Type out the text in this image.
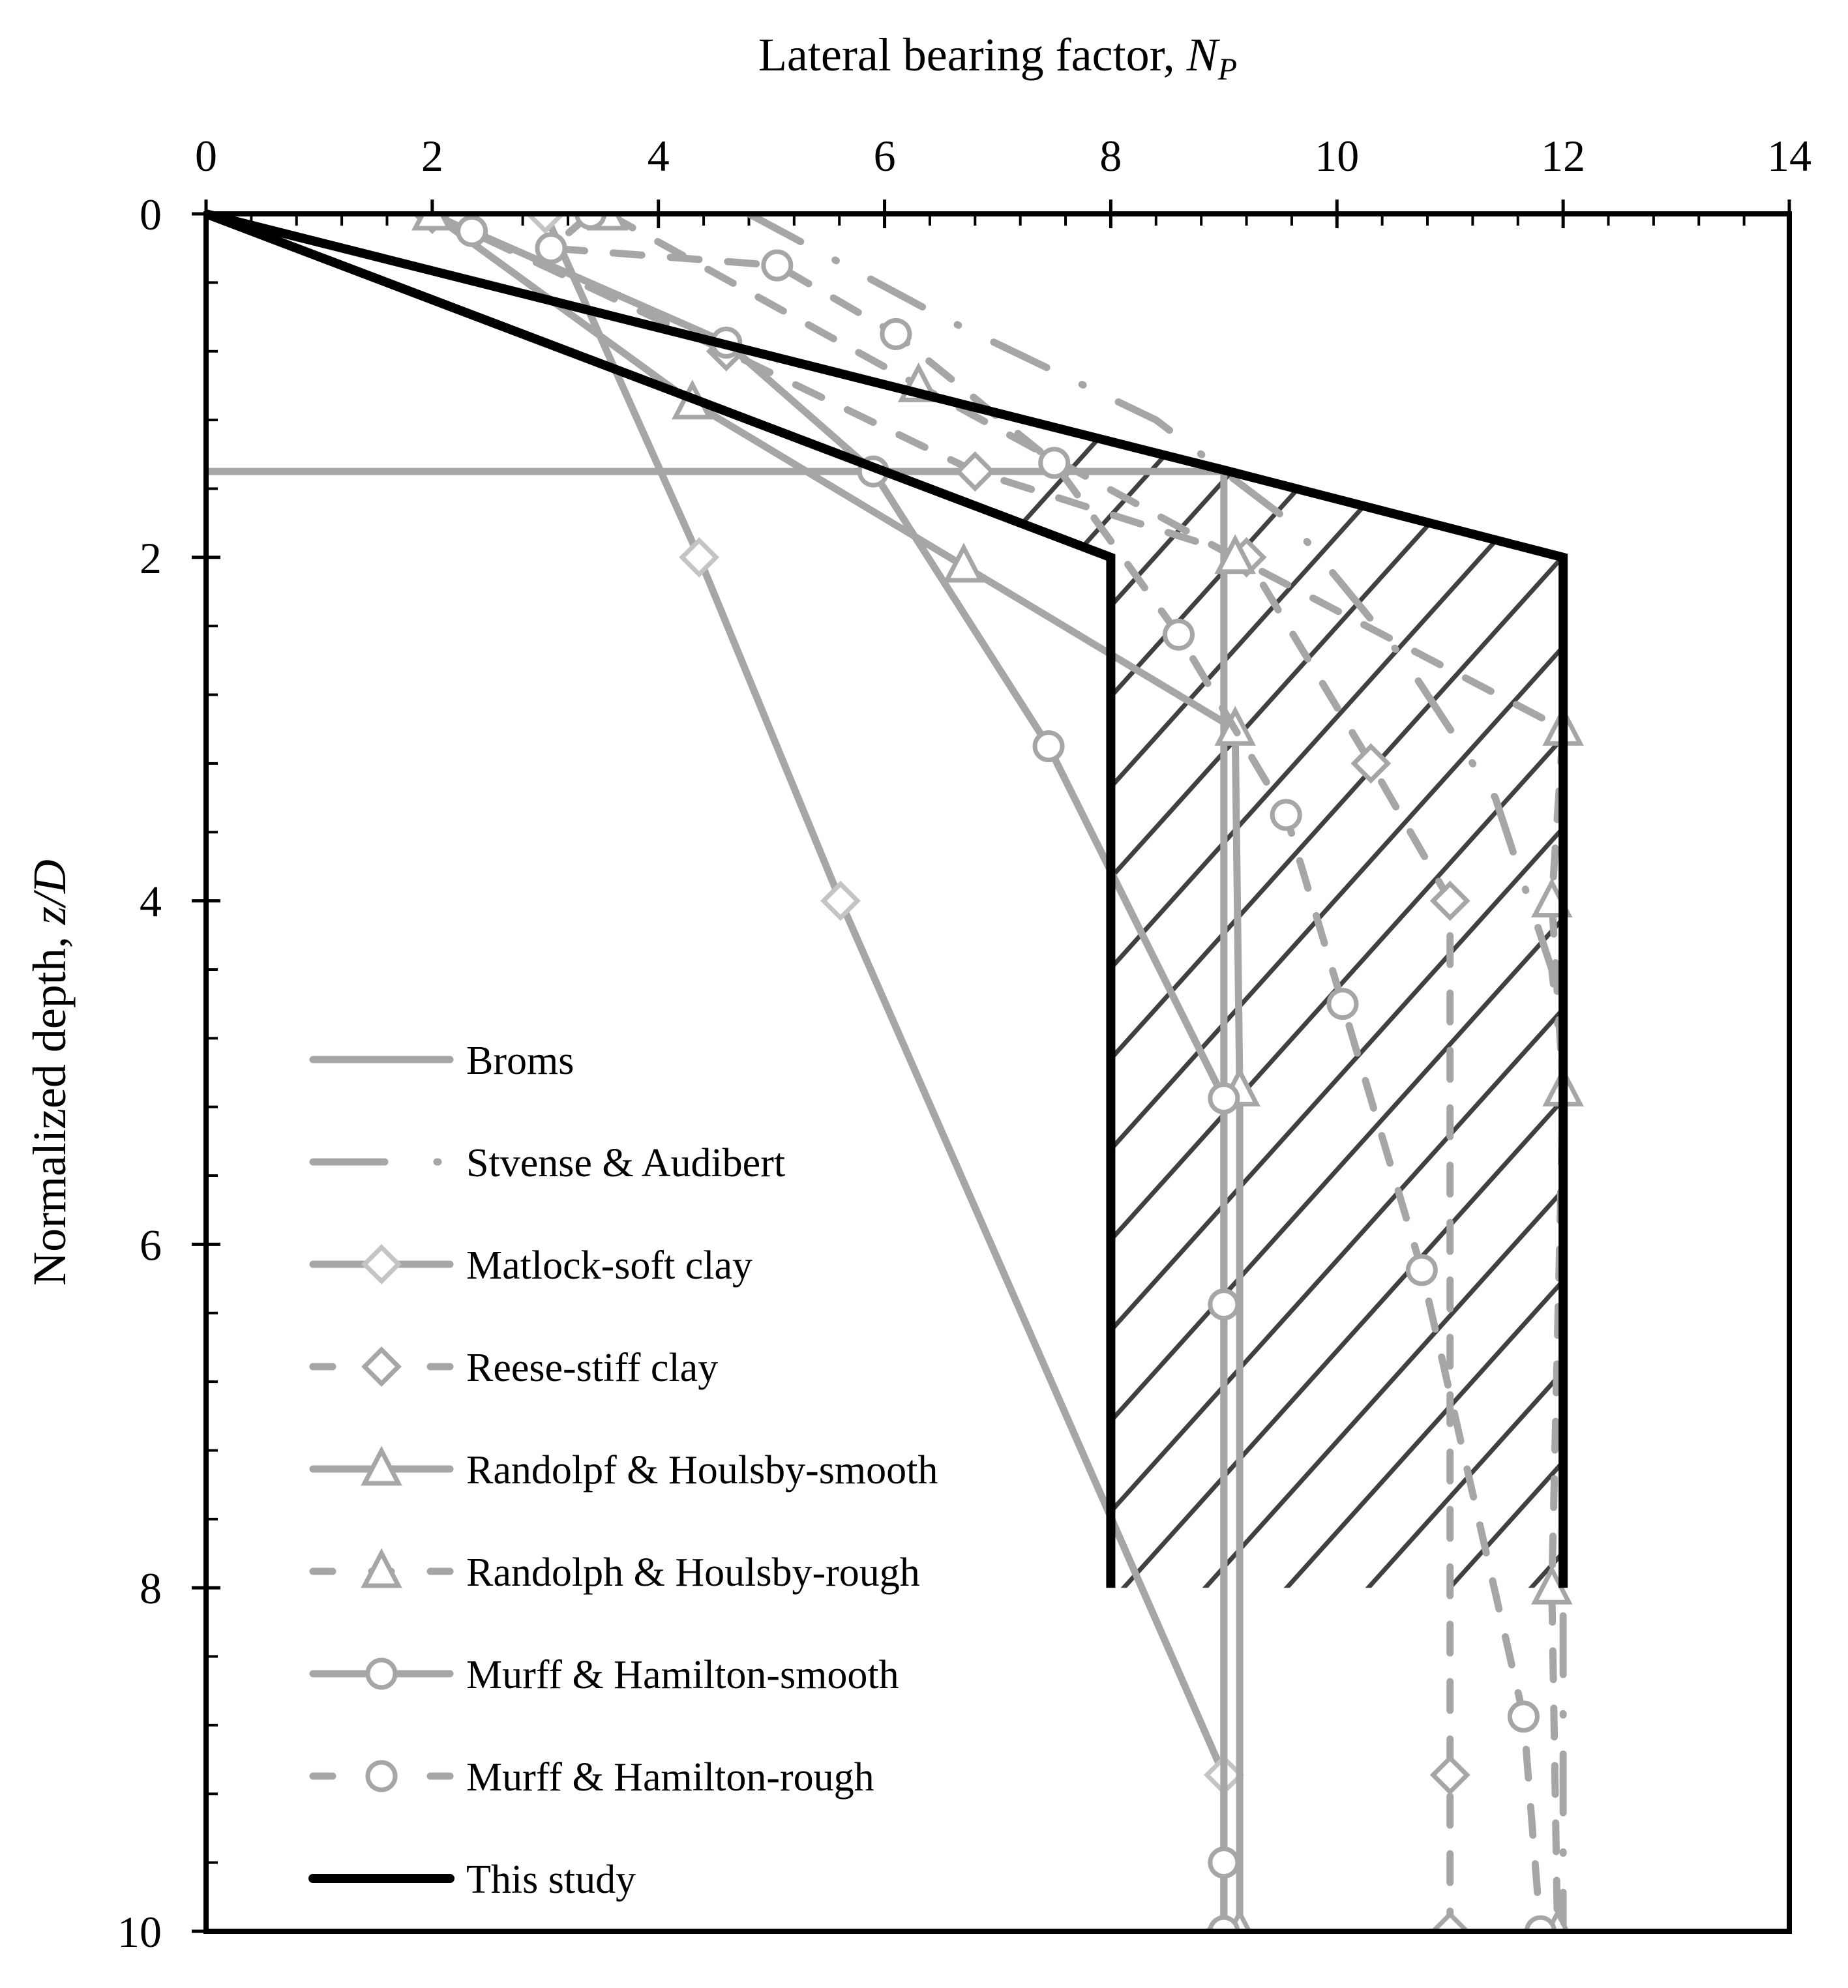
Lateral bearing factor, NP
Normalized depth, z/D
0	2	4	6	8	10	12	14
0
2
4
6
8
10
Broms
Stvense & Audibert
Matlock-soft clay
Reese-stiff clay
Randolpf & Houlsby-smooth
Randolph & Houlsby-rough
Murff & Hamilton-smooth
Murff & Hamilton-rough
This study
